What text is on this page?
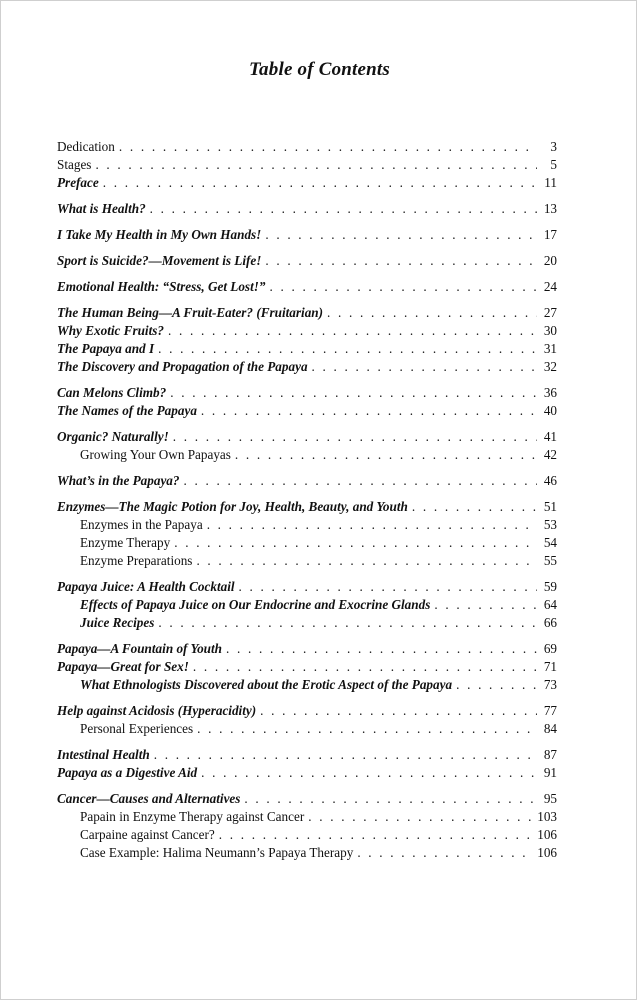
Table of Contents
Dedication . . .	3
Stages . . .	5
Preface . . .	11
What is Health? . . .	13
I Take My Health in My Own Hands! . . .	17
Sport is Suicide?—Movement is Life! . . .	20
Emotional Health: “Stress, Get Lost!” . . .	24
The Human Being—A Fruit-Eater? (Fruitarian) . . .	27
Why Exotic Fruits? . . .	30
The Papaya and I . . .	31
The Discovery and Propagation of the Papaya . . .	32
Can Melons Climb? . . .	36
The Names of the Papaya . . .	40
Organic? Naturally! . . .	41
Growing Your Own Papayas . . .	42
What’s in the Papaya? . . .	46
Enzymes—The Magic Potion for Joy, Health, Beauty, and Youth . . .	51
Enzymes in the Papaya . . .	53
Enzyme Therapy . . .	54
Enzyme Preparations . . .	55
Papaya Juice: A Health Cocktail . . .	59
Effects of Papaya Juice on Our Endocrine and Exocrine Glands . . .	64
Juice Recipes . . .	66
Papaya—A Fountain of Youth . . .	69
Papaya—Great for Sex! . . .	71
What Ethnologists Discovered about the Erotic Aspect of the Papaya . . .	73
Help against Acidosis (Hyperacidity) . . .	77
Personal Experiences . . .	84
Intestinal Health . . .	87
Papaya as a Digestive Aid . . .	91
Cancer—Causes and Alternatives . . .	95
Papain in Enzyme Therapy against Cancer . . .	103
Carpaine against Cancer? . . .	106
Case Example: Halima Neumann’s Papaya Therapy . . .	106
